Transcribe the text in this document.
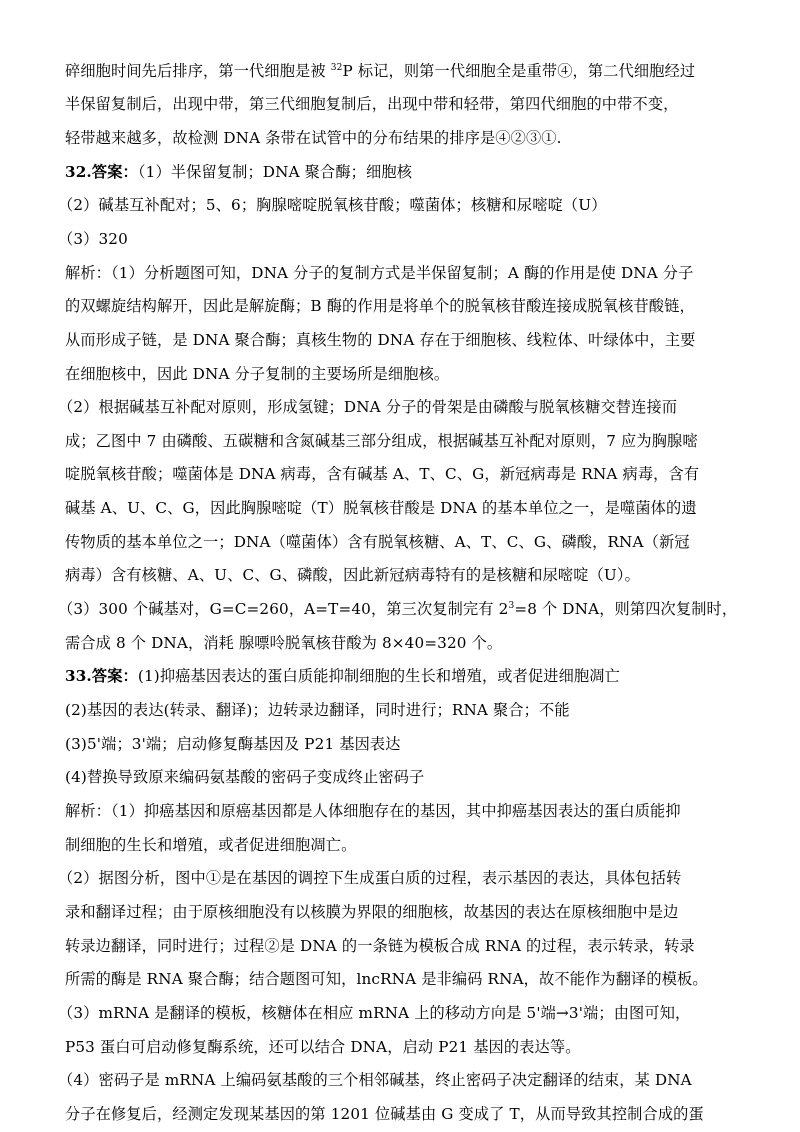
碎细胞时间先后排序，第一代细胞是被 $^{32}$P 标记，则第一代细胞全是重带④，第二代细胞经过
半保留复制后，出现中带，第三代细胞复制后，出现中带和轻带，第四代细胞的中带不变，
轻带越来越多，故检测 DNA 条带在试管中的分布结果的排序是④②③①.
32.答案：（1）半保留复制；DNA 聚合酶；细胞核
（2）碱基互补配对；5、6；胸腺嘧啶脱氧核苷酸；噬菌体；核糖和尿嘧啶（U）
（3）320
解析：（1）分析题图可知，DNA 分子的复制方式是半保留复制；A 酶的作用是使 DNA 分子
的双螺旋结构解开，因此是解旋酶；B 酶的作用是将单个的脱氧核苷酸连接成脱氧核苷酸链，
从而形成子链，是 DNA 聚合酶；真核生物的 DNA 存在于细胞核、线粒体、叶绿体中，主要
在细胞核中，因此 DNA 分子复制的主要场所是细胞核。
（2）根据碱基互补配对原则，形成氢键；DNA 分子的骨架是由磷酸与脱氧核糖交替连接而
成；乙图中 7 由磷酸、五碳糖和含氮碱基三部分组成，根据碱基互补配对原则，7 应为胸腺嘧
啶脱氧核苷酸；噬菌体是 DNA 病毒，含有碱基 A、T、C、G，新冠病毒是 RNA 病毒，含有
碱基 A、U、C、G，因此胸腺嘧啶（T）脱氧核苷酸是 DNA 的基本单位之一，是噬菌体的遗
传物质的基本单位之一；DNA（噬菌体）含有脱氧核糖、A、T、C、G、磷酸，RNA（新冠
病毒）含有核糖、A、U、C、G、磷酸，因此新冠病毒特有的是核糖和尿嘧啶（U）。
（3）300 个碱基对，G=C=260，A=T=40，第三次复制完有 $2^3=8$ 个 DNA，则第四次复制时，
需合成 8 个 DNA，消耗 腺嘌呤脱氧核苷酸为 8×40=320 个。
33.答案：(1)抑癌基因表达的蛋白质能抑制细胞的生长和增殖，或者促进细胞凋亡
(2)基因的表达(转录、翻译)；边转录边翻译，同时进行；RNA 聚合；不能
(3)5'端；3'端；启动修复酶基因及 P21 基因表达
(4)替换导致原来编码氨基酸的密码子变成终止密码子
解析：（1）抑癌基因和原癌基因都是人体细胞存在的基因，其中抑癌基因表达的蛋白质能抑
制细胞的生长和增殖，或者促进细胞凋亡。
（2）据图分析，图中①是在基因的调控下生成蛋白质的过程，表示基因的表达，具体包括转
录和翻译过程；由于原核细胞没有以核膜为界限的细胞核，故基因的表达在原核细胞中是边
转录边翻译，同时进行；过程②是 DNA 的一条链为模板合成 RNA 的过程，表示转录，转录
所需的酶是 RNA 聚合酶；结合题图可知，lncRNA 是非编码 RNA，故不能作为翻译的模板。
（3）mRNA 是翻译的模板，核糖体在相应 mRNA 上的移动方向是 5'端→3'端；由图可知，
P53 蛋白可启动修复酶系统，还可以结合 DNA，启动 P21 基因的表达等。
（4）密码子是 mRNA 上编码氨基酸的三个相邻碱基，终止密码子决定翻译的结束，某 DNA
分子在修复后，经测定发现某基因的第 1201 位碱基由 G 变成了 T，从而导致其控制合成的蛋
